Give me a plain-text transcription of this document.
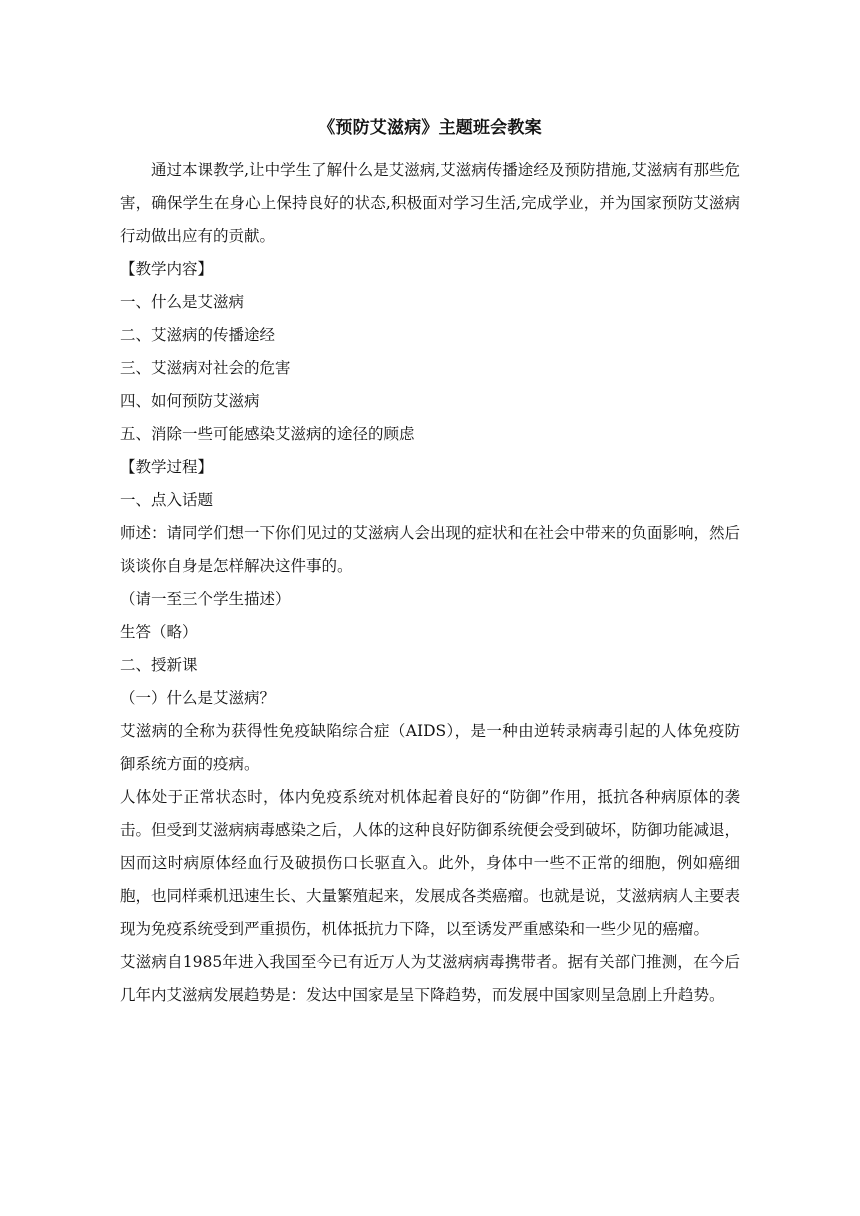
《预防艾滋病》主题班会教案

通过本课教学,让中学生了解什么是艾滋病,艾滋病传播途经及预防措施,艾滋病有那些危害，确保学生在身心上保持良好的状态,积极面对学习生活,完成学业，并为国家预防艾滋病行动做出应有的贡献。

【教学内容】

一、什么是艾滋病

二、艾滋病的传播途经

三、艾滋病对社会的危害

四、如何预防艾滋病

五、消除一些可能感染艾滋病的途径的顾虑

【教学过程】

一、点入话题

师述：请同学们想一下你们见过的艾滋病人会出现的症状和在社会中带来的负面影响，然后谈谈你自身是怎样解决这件事的。

（请一至三个学生描述）

生答（略）

二、授新课

（一）什么是艾滋病？

艾滋病的全称为获得性免疫缺陷综合症（AIDS），是一种由逆转录病毒引起的人体免疫防御系统方面的疫病。

人体处于正常状态时，体内免疫系统对机体起着良好的“防御”作用，抵抗各种病原体的袭击。但受到艾滋病病毒感染之后，人体的这种良好防御系统便会受到破坏，防御功能减退，因而这时病原体经血行及破损伤口长驱直入。此外，身体中一些不正常的细胞，例如癌细胞，也同样乘机迅速生长、大量繁殖起来，发展成各类癌瘤。也就是说，艾滋病病人主要表现为免疫系统受到严重损伤，机体抵抗力下降，以至诱发严重感染和一些少见的癌瘤。

艾滋病自1985年进入我国至今已有近万人为艾滋病病毒携带者。据有关部门推测，在今后几年内艾滋病发展趋势是：发达中国家是呈下降趋势，而发展中国家则呈急剧上升趋势。
